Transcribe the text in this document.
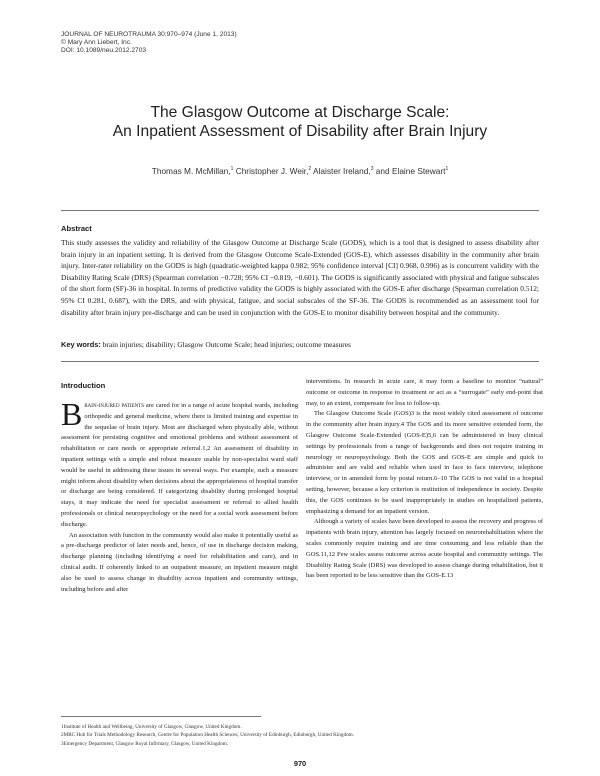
JOURNAL OF NEUROTRAUMA 30:970–974 (June 1, 2013)
© Mary Ann Liebert, Inc.
DOI: 10.1089/neu.2012.2703
The Glasgow Outcome at Discharge Scale:
An Inpatient Assessment of Disability after Brain Injury
Thomas M. McMillan,$^1$ Christopher J. Weir,$^2$ Alaister Ireland,$^3$ and Elaine Stewart$^1$
Abstract
This study assesses the validity and reliability of the Glasgow Outcome at Discharge Scale (GODS), which is a tool that is designed to assess disability after brain injury in an inpatient setting. It is derived from the Glasgow Outcome Scale-Extended (GOS-E), which assesses disability in the community after brain injury. Inter-rater reliability on the GODS is high (quadratic-weighted kappa 0.982; 95% confidence interval [CI] 0.968, 0.996) as is concurrent validity with the Disability Rating Scale (DRS) (Spearman correlation −0.728; 95% CI −0.819, −0.601). The GODS is significantly associated with physical and fatigue subscales of the short form (SF)-36 in hospital. In terms of predictive validity the GODS is highly associated with the GOS-E after discharge (Spearman correlation 0.512; 95% CI 0.281, 0.687), with the DRS, and with physical, fatigue, and social subscales of the SF-36. The GODS is recommended as an assessment tool for disability after brain injury pre-discharge and can be used in conjunction with the GOS-E to monitor disability between hospital and the community.
Key words: brain injuries; disability; Glasgow Outcome Scale; head injuries; outcome measures
Introduction

Brain-injured patients are cared for in a range of acute hospital wards, including orthopedic and general medicine, where there is limited training and expertise in the sequelae of brain injury. Most are discharged when physically able, without assessment for persisting cognitive and emotional problems and without assessment of rehabilitation or care needs or appropriate referral.1,2 An assessment of disability in inpatient settings with a simple and robust measure usable by non-specialist ward staff would be useful in addressing these issues in several ways. For example, such a measure might inform about disability when decisions about the appropriateness of hospital transfer or discharge are being considered. If categorizing disability during prolonged hospital stays, it may indicate the need for specialist assessment or referral to allied health professionals or clinical neuropsychology or the need for a social work assessment before discharge.

An association with function in the community would also make it potentially useful as a pre-discharge predictor of later needs and, hence, of use in discharge decision making, discharge planning (including identifying a need for rehabilitation and care), and in clinical audit. If coherently linked to an outpatient measure, an inpatient measure might also be used to assess change in disability across inpatient and community settings, including before and after

interventions. In research in acute care, it may form a baseline to monitor “natural” outcome or outcome in response to treatment or act as a “surrogate” early end-point that may, to an extent, compensate for loss to follow-up.

The Glasgow Outcome Scale (GOS)3 is the most widely cited assessment of outcome in the community after brain injury.4 The GOS and its more sensitive extended form, the Glasgow Outcome Scale-Extended (GOS-E)5,6 can be administered in busy clinical settings by professionals from a range of backgrounds and does not require training in neurology or neuropsychology. Both the GOS and GOS-E are simple and quick to administer and are valid and reliable when used in face to face interview, telephone interview, or in amended form by postal return.6–10 The GOS is not valid in a hospital setting, however, because a key criterion is restitution of independence in society. Despite this, the GOS continues to be used inappropriately in studies on hospitalized patients, emphasizing a demand for an inpatient version.

Although a variety of scales have been developed to assess the recovery and progress of inpatients with brain injury, attention has largely focused on neurorehabilitation where the scales commonly require training and are time consuming and less reliable than the GOS.11,12 Few scales assess outcome across acute hospital and community settings. The Disability Rating Scale (DRS) was developed to assess change during rehabilitation, but it has been reported to be less sensitive than the GOS-E.13

1Institute of Health and Wellbeing, University of Glasgow, Glasgow, United Kingdom.
2MRC Hub for Trials Methodology Research, Centre for Population Health Sciences, University of Edinburgh, Edinburgh, United Kingdom.
3Emergency Department, Glasgow Royal Infirmary, Glasgow, United Kingdom.
970
